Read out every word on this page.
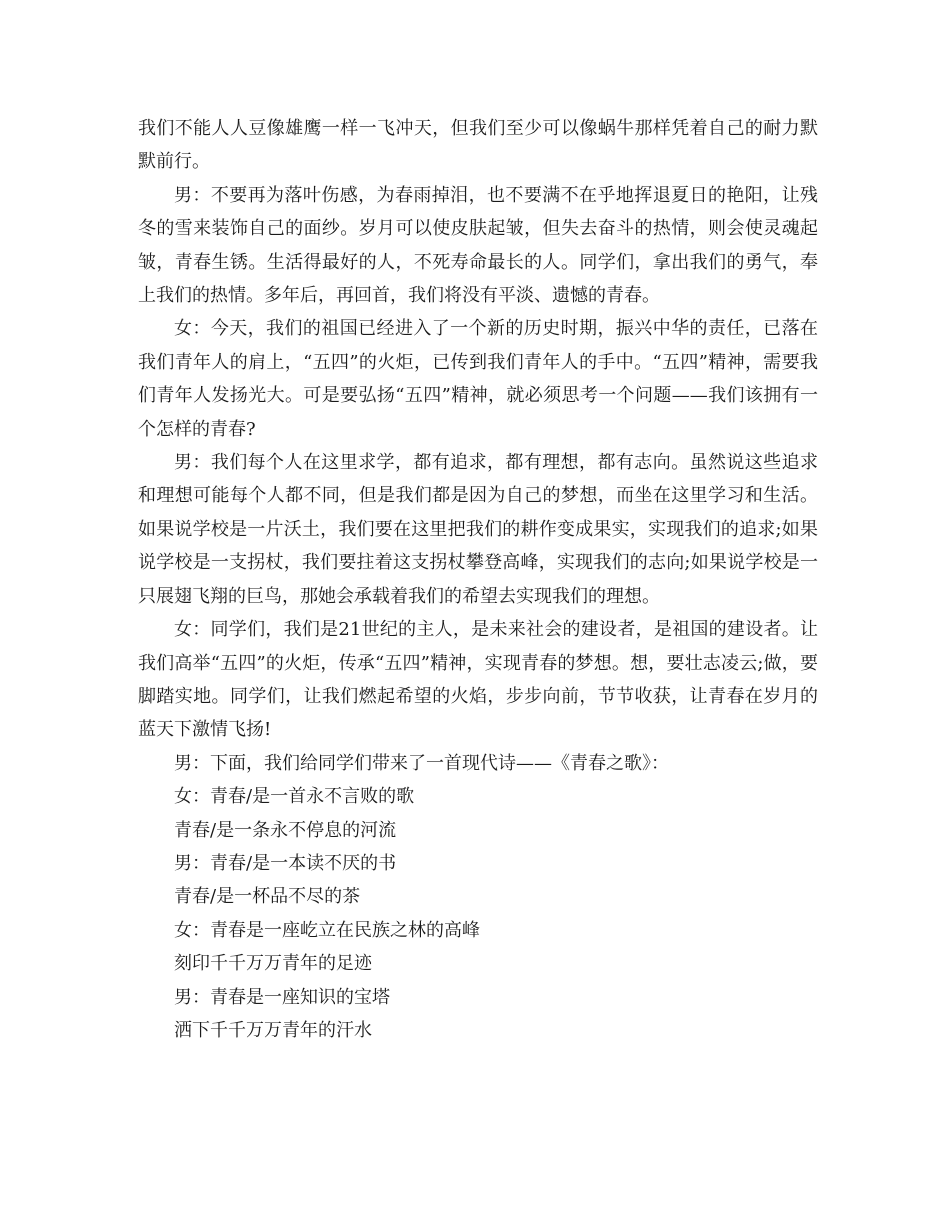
我们不能人人豆像雄鹰一样一飞冲天，但我们至少可以像蜗牛那样凭着自己的耐力默默前行。

男：不要再为落叶伤感，为春雨掉泪，也不要满不在乎地挥退夏日的艳阳，让残冬的雪来装饰自己的面纱。岁月可以使皮肤起皱，但失去奋斗的热情，则会使灵魂起皱，青春生锈。生活得最好的人，不死寿命最长的人。同学们，拿出我们的勇气，奉上我们的热情。多年后，再回首，我们将没有平淡、遗憾的青春。

女：今天，我们的祖国已经进入了一个新的历史时期，振兴中华的责任，已落在我们青年人的肩上，“五四”的火炬，已传到我们青年人的手中。“五四”精神，需要我们青年人发扬光大。可是要弘扬“五四”精神，就必须思考一个问题——我们该拥有一个怎样的青春?

男：我们每个人在这里求学，都有追求，都有理想，都有志向。虽然说这些追求和理想可能每个人都不同，但是我们都是因为自己的梦想，而坐在这里学习和生活。如果说学校是一片沃土，我们要在这里把我们的耕作变成果实，实现我们的追求;如果说学校是一支拐杖，我们要拄着这支拐杖攀登高峰，实现我们的志向;如果说学校是一只展翅飞翔的巨鸟，那她会承载着我们的希望去实现我们的理想。

女：同学们，我们是21世纪的主人，是未来社会的建设者，是祖国的建设者。让我们高举“五四”的火炬，传承“五四”精神，实现青春的梦想。想，要壮志凌云;做，要脚踏实地。同学们，让我们燃起希望的火焰，步步向前，节节收获，让青春在岁月的蓝天下激情飞扬!

男：下面，我们给同学们带来了一首现代诗——《青春之歌》：
女：青春/是一首永不言败的歌
青春/是一条永不停息的河流
男：青春/是一本读不厌的书
青春/是一杯品不尽的茶
女：青春是一座屹立在民族之林的高峰
刻印千千万万青年的足迹
男：青春是一座知识的宝塔
洒下千千万万青年的汗水
